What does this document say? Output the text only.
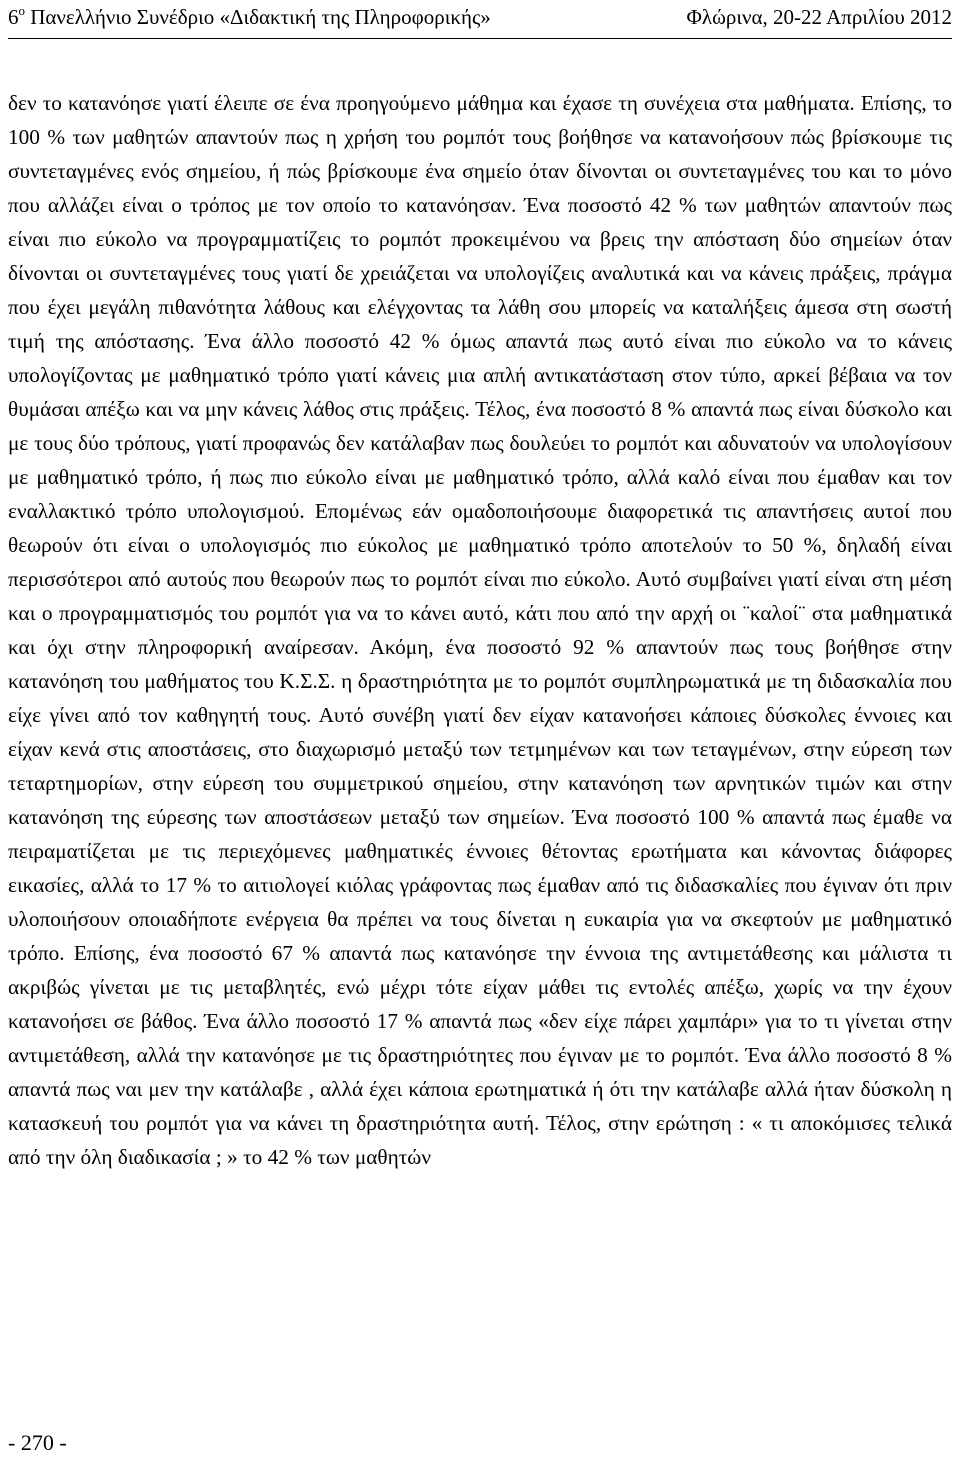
$6^o$ Πανελλήνιο Συνέδριο «Διδακτική της Πληροφορικής»	Φλώρινα, 20-22 Απριλίου 2012

δεν το κατανόησε γιατί έλειπε σε ένα προηγούμενο μάθημα και έχασε τη συνέχεια στα μαθήματα. Επίσης, το 100 % των μαθητών απαντούν πως η χρήση του ρομπότ τους βοήθησε να κατανοήσουν πώς βρίσκουμε τις συντεταγμένες ενός σημείου, ή πώς βρίσκουμε ένα σημείο όταν δίνονται οι συντεταγμένες του και το μόνο που αλλάζει είναι ο τρόπος με τον οποίο το κατανόησαν. Ένα ποσοστό 42 % των μαθητών απαντούν πως είναι πιο εύκολο να προγραμματίζεις το ρομπότ προκειμένου να βρεις την απόσταση δύο σημείων όταν δίνονται οι συντεταγμένες τους γιατί δε χρειάζεται να υπολογίζεις αναλυτικά και να κάνεις πράξεις, πράγμα που έχει μεγάλη πιθανότητα λάθους και ελέγχοντας τα λάθη σου μπορείς να καταλήξεις άμεσα στη σωστή τιμή της απόστασης. Ένα άλλο ποσοστό 42 % όμως απαντά πως αυτό είναι πιο εύκολο να το κάνεις υπολογίζοντας με μαθηματικό τρόπο γιατί κάνεις μια απλή αντικατάσταση στον τύπο, αρκεί βέβαια να τον θυμάσαι απέξω και να μην κάνεις λάθος στις πράξεις. Τέλος, ένα ποσοστό 8 % απαντά πως είναι δύσκολο και με τους δύο τρόπους, γιατί προφανώς δεν κατάλαβαν πως δουλεύει το ρομπότ και αδυνατούν να υπολογίσουν με μαθηματικό τρόπο, ή πως πιο εύκολο είναι με μαθηματικό τρόπο, αλλά καλό είναι που έμαθαν και τον εναλλακτικό τρόπο υπολογισμού. Επομένως εάν ομαδοποιήσουμε διαφορετικά τις απαντήσεις αυτοί που θεωρούν ότι είναι ο υπολογισμός πιο εύκολος με μαθηματικό τρόπο αποτελούν το 50 %, δηλαδή είναι περισσότεροι από αυτούς που θεωρούν πως το ρομπότ είναι πιο εύκολο. Αυτό συμβαίνει γιατί είναι στη μέση και ο προγραμματισμός του ρομπότ για να το κάνει αυτό, κάτι που από την αρχή οι ¨καλοί¨ στα μαθηματικά και όχι στην πληροφορική αναίρεσαν. Ακόμη, ένα ποσοστό 92 % απαντούν πως τους βοήθησε στην κατανόηση του μαθήματος του Κ.Σ.Σ. η δραστηριότητα με το ρομπότ συμπληρωματικά με τη διδασκαλία που είχε γίνει από τον καθηγητή τους. Αυτό συνέβη γιατί δεν είχαν κατανοήσει κάποιες δύσκολες έννοιες και είχαν κενά στις αποστάσεις, στο διαχωρισμό μεταξύ των τετμημένων και των τεταγμένων, στην εύρεση των τεταρτημορίων, στην εύρεση του συμμετρικού σημείου, στην κατανόηση των αρνητικών τιμών και στην κατανόηση της εύρεσης των αποστάσεων μεταξύ των σημείων. Ένα ποσοστό 100 % απαντά πως έμαθε να πειραματίζεται με τις περιεχόμενες μαθηματικές έννοιες θέτοντας ερωτήματα και κάνοντας διάφορες εικασίες, αλλά το 17 % το αιτιολογεί κιόλας γράφοντας πως έμαθαν από τις διδασκαλίες που έγιναν ότι πριν υλοποιήσουν οποιαδήποτε ενέργεια θα πρέπει να τους δίνεται η ευκαιρία για να σκεφτούν με μαθηματικό τρόπο. Επίσης, ένα ποσοστό 67 % απαντά πως κατανόησε την έννοια της αντιμετάθεσης και μάλιστα τι ακριβώς γίνεται με τις μεταβλητές, ενώ μέχρι τότε είχαν μάθει τις εντολές απέξω, χωρίς να την έχουν κατανοήσει σε βάθος. Ένα άλλο ποσοστό 17 % απαντά πως «δεν είχε πάρει χαμπάρι» για το τι γίνεται στην αντιμετάθεση, αλλά την κατανόησε με τις δραστηριότητες που έγιναν με το ρομπότ. Ένα άλλο ποσοστό 8 % απαντά πως ναι μεν την κατάλαβε , αλλά έχει κάποια ερωτηματικά ή ότι την κατάλαβε αλλά ήταν δύσκολη η κατασκευή του ρομπότ για να κάνει τη δραστηριότητα αυτή. Τέλος, στην ερώτηση : « τι αποκόμισες τελικά από την όλη διαδικασία ; » το 42 % των μαθητών

- 270 -
